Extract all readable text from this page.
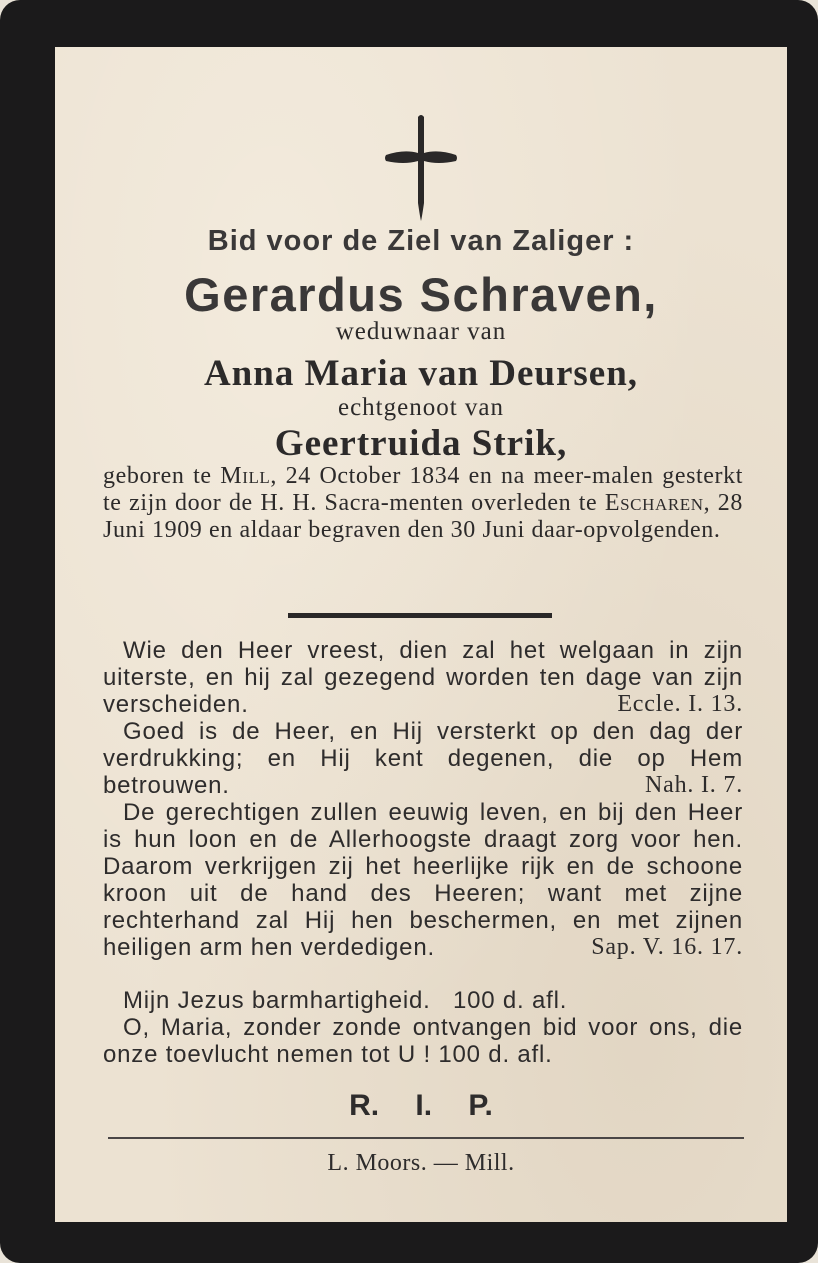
Bid voor de Ziel van Zaliger :
Gerardus Schraven,
weduwnaar van
Anna Maria van Deursen,
echtgenoot van
Geertruida Strik,
geboren te Mill, 24 October 1834 en na meer-malen gesterkt te zijn door de H. H. Sacra-menten overleden te Escharen, 28 Juni 1909 en aldaar begraven den 30 Juni daar-opvolgenden.

Wie den Heer vreest, dien zal het welgaan in zijn uiterste, en hij zal gezegend worden ten dage van zijn verscheiden.	Eccle. I. 13.

Goed is de Heer, en Hij versterkt op den dag der verdrukking; en Hij kent degenen, die op Hem betrouwen.	Nah. I. 7.

De gerechtigen zullen eeuwig leven, en bij den Heer is hun loon en de Allerhoogste draagt zorg voor hen. Daarom verkrijgen zij het heerlijke rijk en de schoone kroon uit de hand des Heeren; want met zijne rechterhand zal Hij hen beschermen, en met zijnen heiligen arm hen verdedigen.	Sap. V. 16. 17.

Mijn Jezus barmhartigheid. 100 d. afl.

O, Maria, zonder zonde ontvangen bid voor ons, die onze toevlucht nemen tot U ! 100 d. afl.

R. I. P.
L. Moors. — Mill.
